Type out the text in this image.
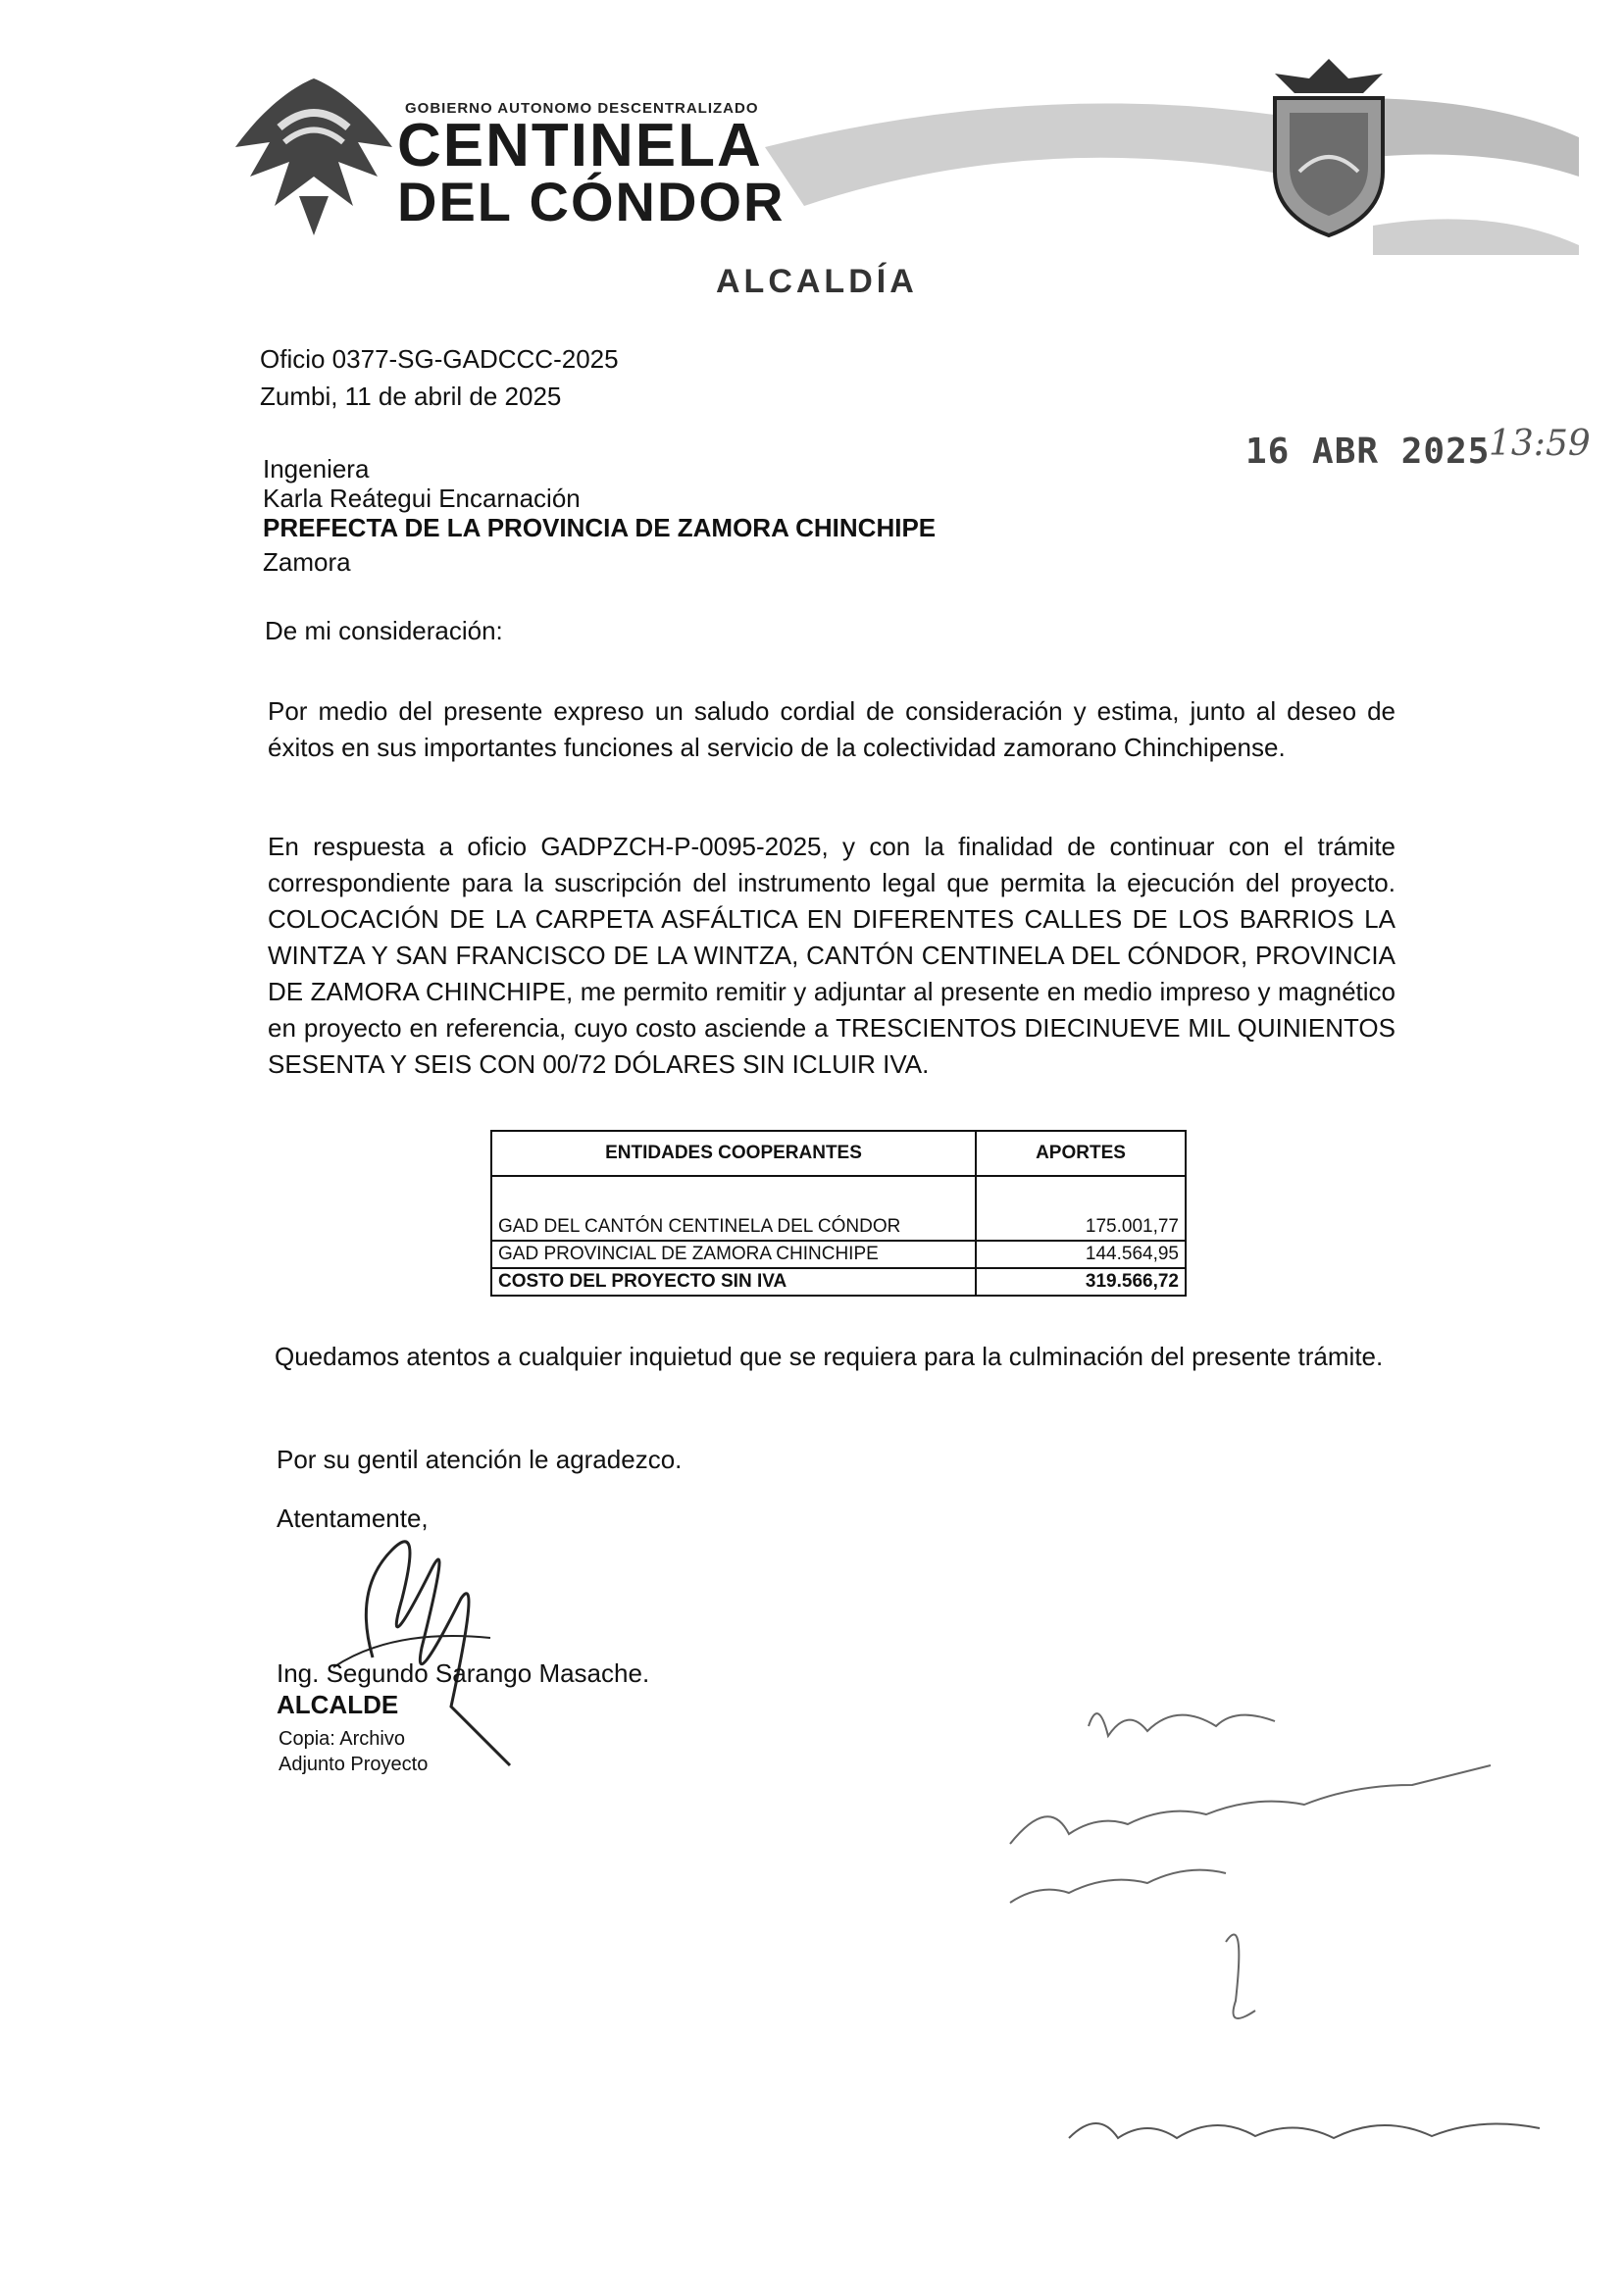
GOBIERNO AUTONOMO DESCENTRALIZADO
CENTINELA
DEL CÓNDOR
ALCALDÍA
16 ABR 2025
13:59
Oficio 0377-SG-GADCCC-2025
Zumbi, 11 de abril de 2025
Ingeniera
Karla Reátegui Encarnación
PREFECTA DE LA PROVINCIA DE ZAMORA CHINCHIPE
Zamora
De mi consideración:
Por medio del presente expreso un saludo cordial de consideración y estima, junto al deseo de éxitos en sus importantes funciones al servicio de la colectividad zamorano Chinchipense.
En respuesta a oficio GADPZCH-P-0095-2025, y con la finalidad de continuar con el trámite correspondiente para la suscripción del instrumento legal que permita la ejecución del proyecto. COLOCACIÓN DE LA CARPETA ASFÁLTICA EN DIFERENTES CALLES DE LOS BARRIOS LA WINTZA Y SAN FRANCISCO DE LA WINTZA, CANTÓN CENTINELA DEL CÓNDOR, PROVINCIA DE ZAMORA CHINCHIPE, me permito remitir y adjuntar al presente en medio impreso y magnético en proyecto en referencia, cuyo costo asciende a TRESCIENTOS DIECINUEVE MIL QUINIENTOS SESENTA Y SEIS CON 00/72 DÓLARES SIN ICLUIR IVA.
ENTIDADES COOPERANTES	APORTES
GAD DEL CANTÓN CENTINELA DEL CÓNDOR	175.001,77
GAD PROVINCIAL DE ZAMORA CHINCHIPE	144.564,95
COSTO DEL PROYECTO SIN IVA	319.566,72
Quedamos atentos a cualquier inquietud que se requiera para la culminación del presente trámite.
Por su gentil atención le agradezco.
Atentamente,
Ing. Segundo Sarango Masache.
ALCALDE
Copia: Archivo
Adjunto Proyecto
